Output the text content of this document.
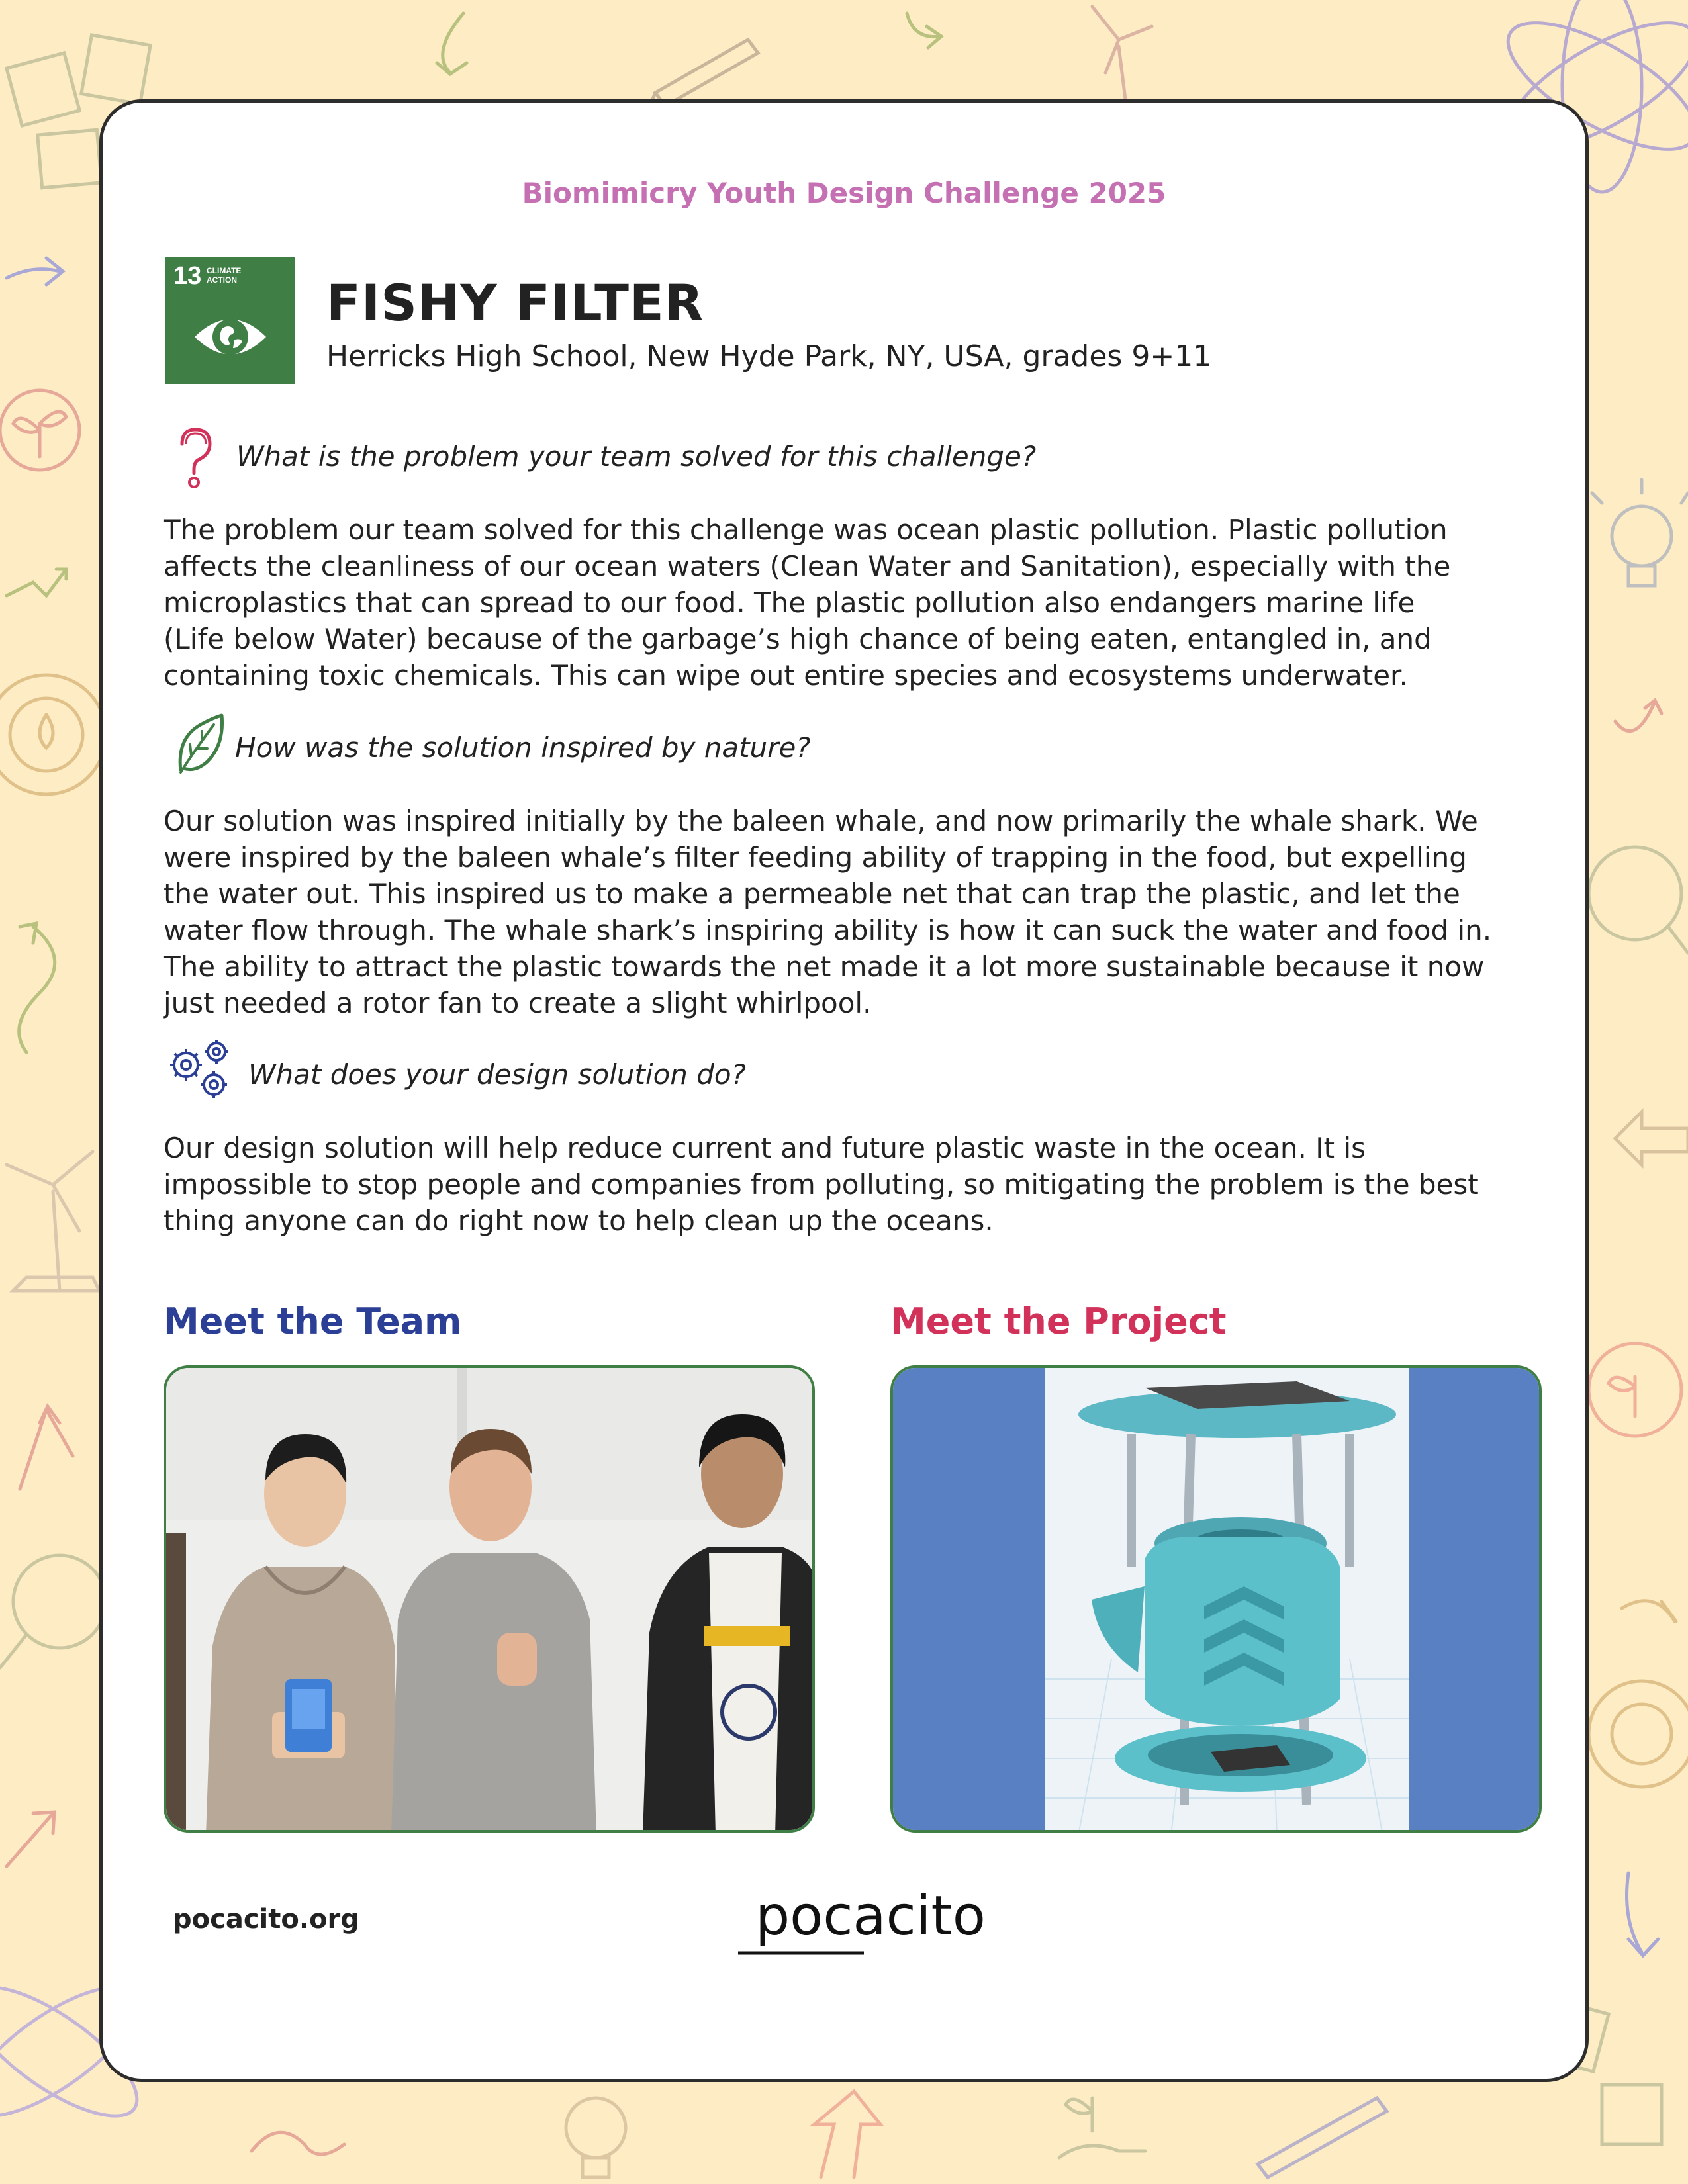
Biomimicry Youth Design Challenge 2025
13 CLIMATE
ACTION FISHY FILTER
Herricks High School, New Hyde Park, NY, USA, grades 9+11
What is the problem your team solved for this challenge?
The problem our team solved for this challenge was ocean plastic pollution. Plastic pollution
affects the cleanliness of our ocean waters (Clean Water and Sanitation), especially with the
microplastics that can spread to our food. The plastic pollution also endangers marine life
(Life below Water) because of the garbage’s high chance of being eaten, entangled in, and
containing toxic chemicals. This can wipe out entire species and ecosystems underwater.
How was the solution inspired by nature?
Our solution was inspired initially by the baleen whale, and now primarily the whale shark. We
were inspired by the baleen whale’s filter feeding ability of trapping in the food, but expelling
the water out. This inspired us to make a permeable net that can trap the plastic, and let the
water flow through. The whale shark’s inspiring ability is how it can suck the water and food in.
The ability to attract the plastic towards the net made it a lot more sustainable because it now
just needed a rotor fan to create a slight whirlpool.
What does your design solution do?
Our design solution will help reduce current and future plastic waste in the ocean. It is
impossible to stop people and companies from polluting, so mitigating the problem is the best
thing anyone can do right now to help clean up the oceans.
Meet the Team	Meet the Project
pocacito.org	pocacito
